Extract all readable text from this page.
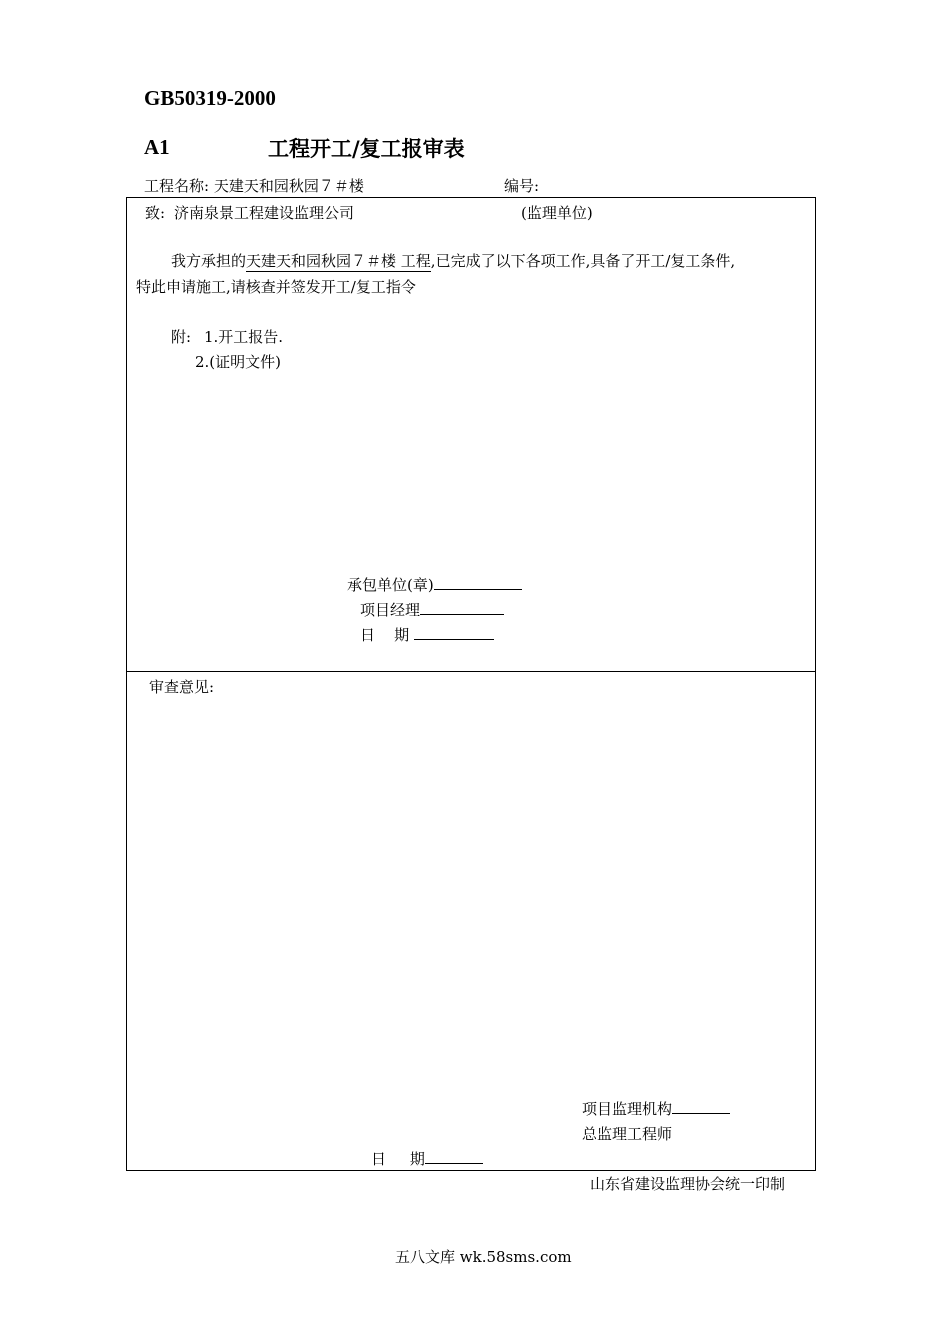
GB50319-2000
A1	工程开工/复工报审表
工程名称: 天建天和园秋园７＃楼	编号:
致: 济南泉景工程建设监理公司	(监理单位)
我方承担的天建天和园秋园７＃楼 工程,已完成了以下各项工作,具备了开工/复工条件,
特此申请施工,请核查并签发开工/复工指令
附: 1.开工报告.
2.(证明文件)
承包单位(章)
项目经理
日    期
审查意见:
项目监理机构
总监理工程师
日     期
山东省建设监理协会统一印制
五八文库 wk.58sms.com
